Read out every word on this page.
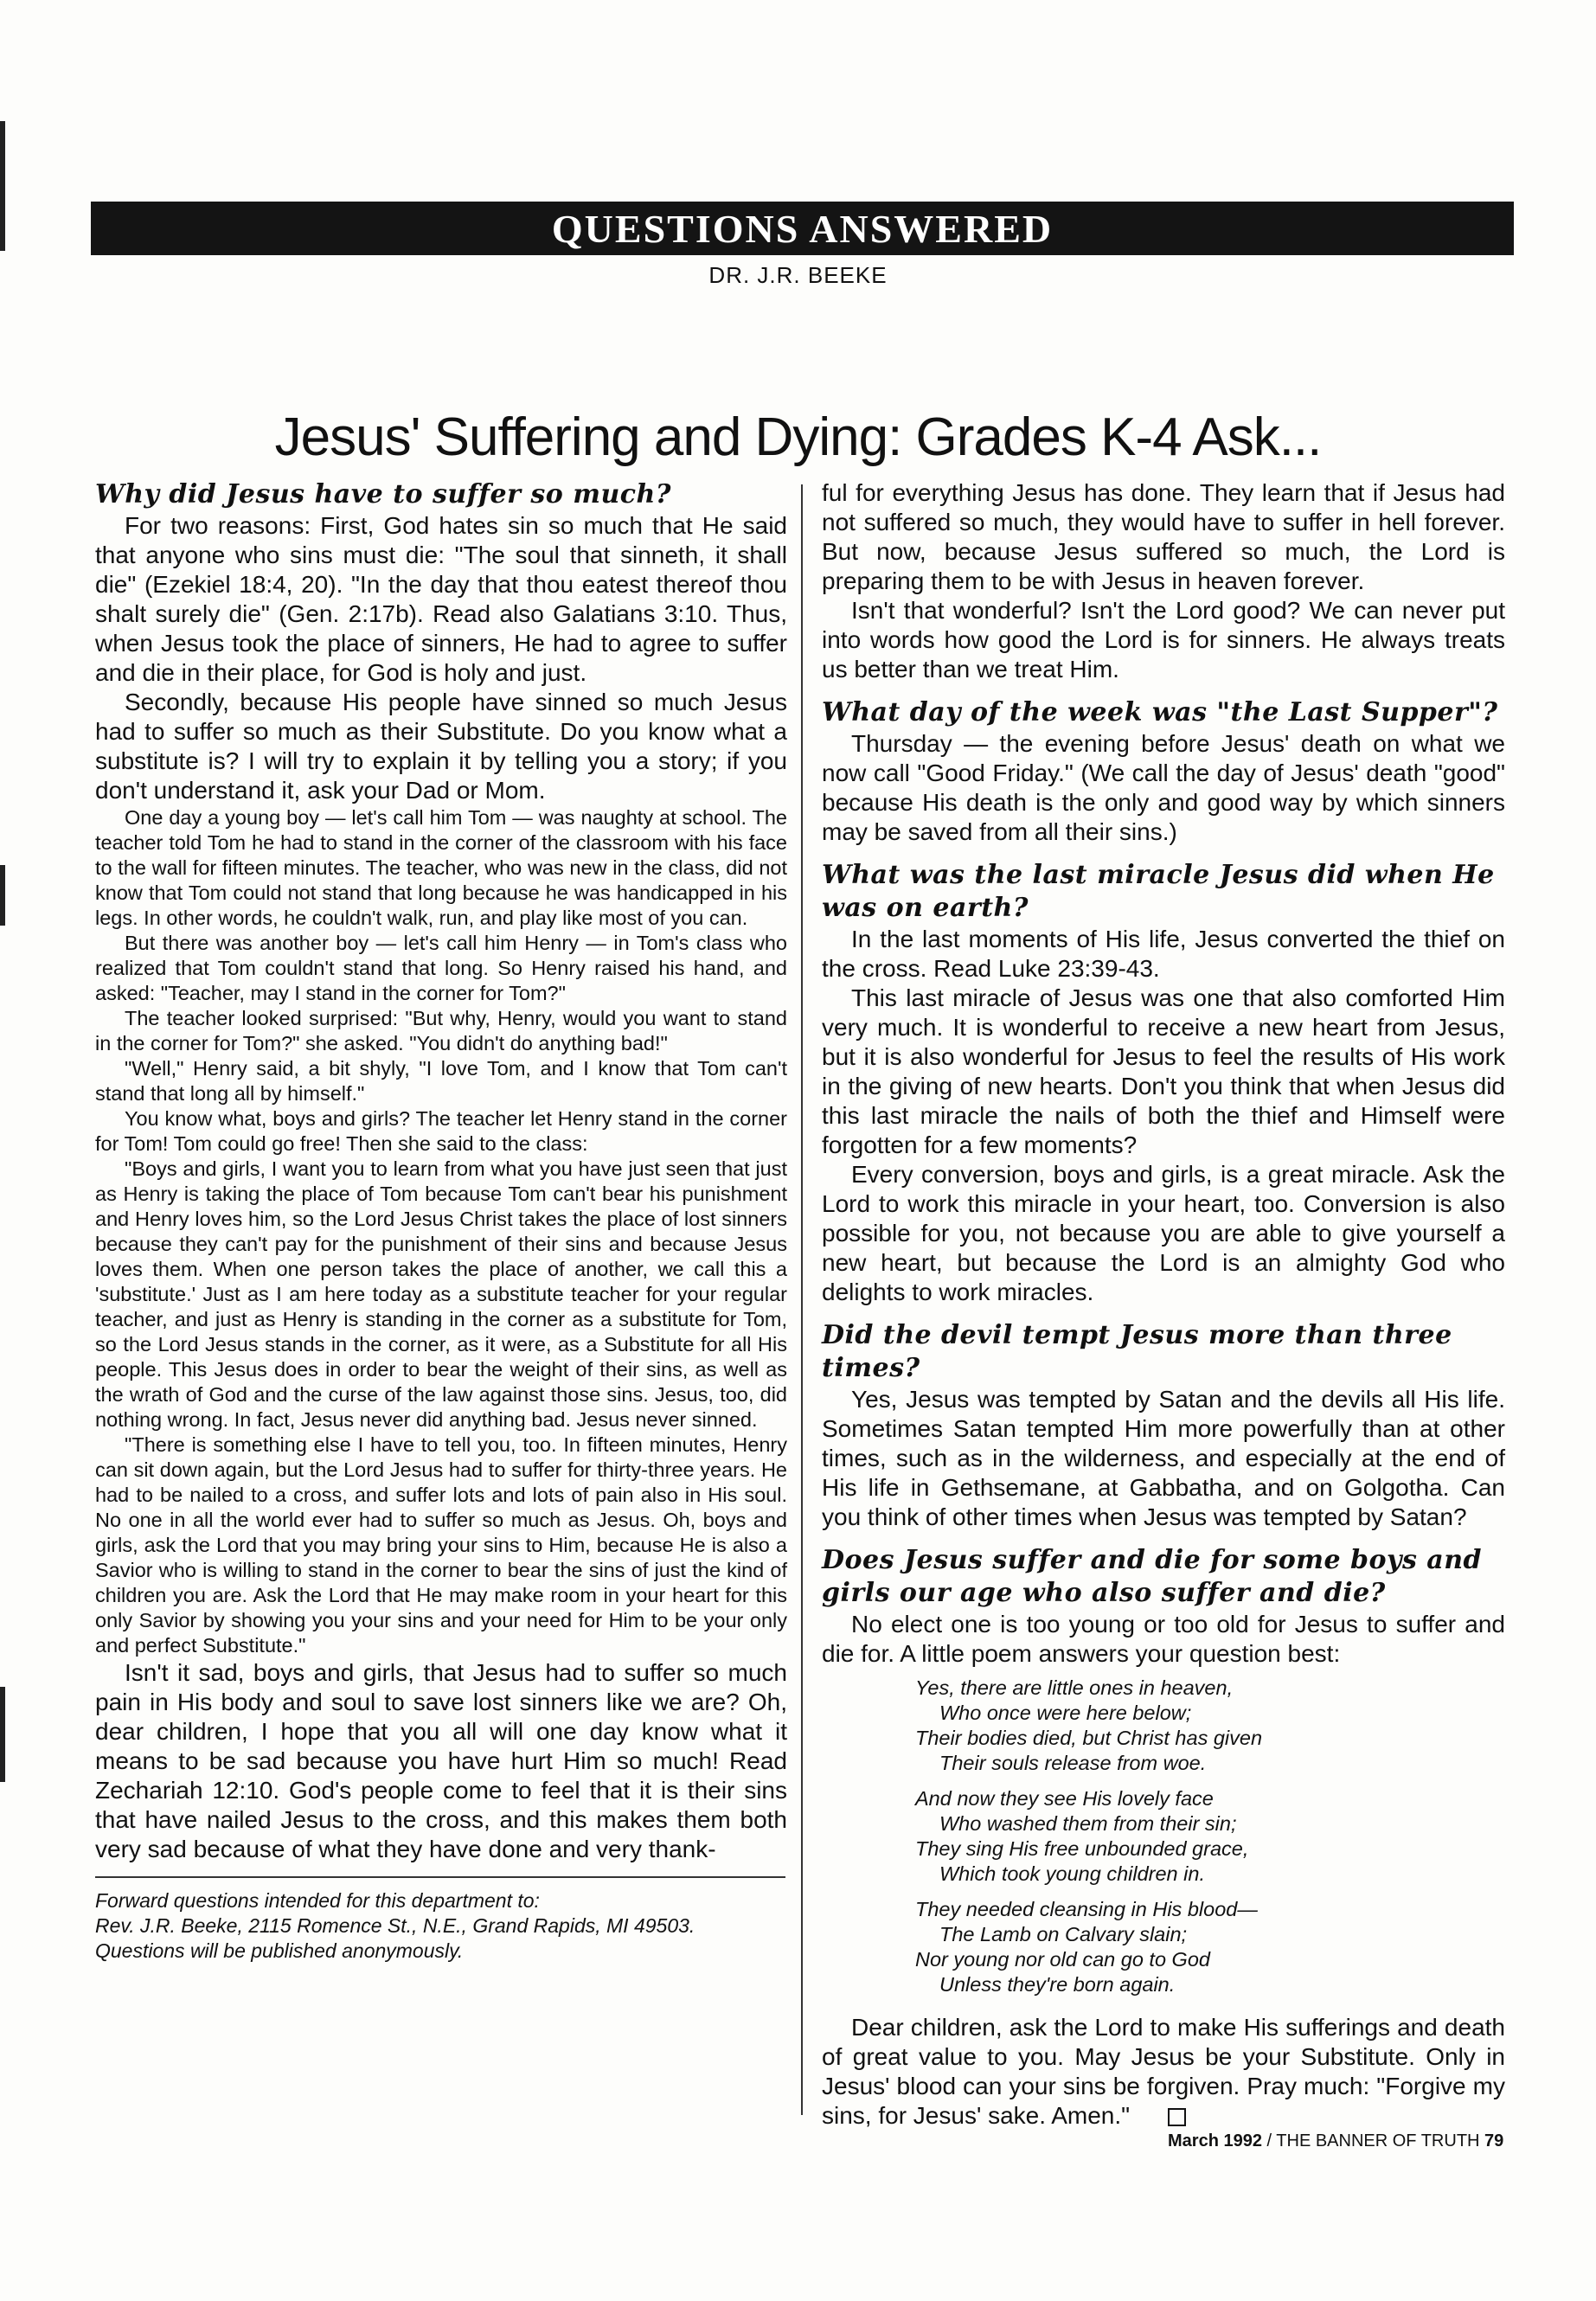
QUESTIONS ANSWERED
DR. J.R. BEEKE
Jesus' Suffering and Dying: Grades K-4 Ask...

Why did Jesus have to suffer so much?

For two reasons: First, God hates sin so much that He said that anyone who sins must die: "The soul that sinneth, it shall die" (Ezekiel 18:4, 20). "In the day that thou eatest thereof thou shalt surely die" (Gen. 2:17b). Read also Galatians 3:10. Thus, when Jesus took the place of sinners, He had to agree to suffer and die in their place, for God is holy and just.

Secondly, because His people have sinned so much Jesus had to suffer so much as their Substitute. Do you know what a substitute is? I will try to explain it by telling you a story; if you don't understand it, ask your Dad or Mom.

One day a young boy — let's call him Tom — was naughty at school. The teacher told Tom he had to stand in the corner of the classroom with his face to the wall for fifteen minutes. The teacher, who was new in the class, did not know that Tom could not stand that long because he was handicapped in his legs. In other words, he couldn't walk, run, and play like most of you can.

But there was another boy — let's call him Henry — in Tom's class who realized that Tom couldn't stand that long. So Henry raised his hand, and asked: "Teacher, may I stand in the corner for Tom?"

The teacher looked surprised: "But why, Henry, would you want to stand in the corner for Tom?" she asked. "You didn't do anything bad!"

"Well," Henry said, a bit shyly, "I love Tom, and I know that Tom can't stand that long all by himself."

You know what, boys and girls? The teacher let Henry stand in the corner for Tom! Tom could go free! Then she said to the class:

"Boys and girls, I want you to learn from what you have just seen that just as Henry is taking the place of Tom because Tom can't bear his punishment and Henry loves him, so the Lord Jesus Christ takes the place of lost sinners because they can't pay for the punishment of their sins and because Jesus loves them. When one person takes the place of another, we call this a 'substitute.' Just as I am here today as a substitute teacher for your regular teacher, and just as Henry is standing in the corner as a substitute for Tom, so the Lord Jesus stands in the corner, as it were, as a Substitute for all His people. This Jesus does in order to bear the weight of their sins, as well as the wrath of God and the curse of the law against those sins. Jesus, too, did nothing wrong. In fact, Jesus never did anything bad. Jesus never sinned.

"There is something else I have to tell you, too. In fifteen minutes, Henry can sit down again, but the Lord Jesus had to suffer for thirty-three years. He had to be nailed to a cross, and suffer lots and lots of pain also in His soul. No one in all the world ever had to suffer so much as Jesus. Oh, boys and girls, ask the Lord that you may bring your sins to Him, because He is also a Savior who is willing to stand in the corner to bear the sins of just the kind of children you are. Ask the Lord that He may make room in your heart for this only Savior by showing you your sins and your need for Him to be your only and perfect Substitute."

Isn't it sad, boys and girls, that Jesus had to suffer so much pain in His body and soul to save lost sinners like we are? Oh, dear children, I hope that you all will one day know what it means to be sad because you have hurt Him so much! Read Zechariah 12:10. God's people come to feel that it is their sins that have nailed Jesus to the cross, and this makes them both very sad because of what they have done and very thank-

Forward questions intended for this department to:

Rev. J.R. Beeke, 2115 Romence St., N.E., Grand Rapids, MI 49503.

Questions will be published anonymously.

ful for everything Jesus has done. They learn that if Jesus had not suffered so much, they would have to suffer in hell forever. But now, because Jesus suffered so much, the Lord is preparing them to be with Jesus in heaven forever.

Isn't that wonderful? Isn't the Lord good? We can never put into words how good the Lord is for sinners. He always treats us better than we treat Him.

What day of the week was "the Last Supper"?

Thursday — the evening before Jesus' death on what we now call "Good Friday." (We call the day of Jesus' death "good" because His death is the only and good way by which sinners may be saved from all their sins.)

What was the last miracle Jesus did when He was on earth?

In the last moments of His life, Jesus converted the thief on the cross. Read Luke 23:39-43.

This last miracle of Jesus was one that also comforted Him very much. It is wonderful to receive a new heart from Jesus, but it is also wonderful for Jesus to feel the results of His work in the giving of new hearts. Don't you think that when Jesus did this last miracle the nails of both the thief and Himself were forgotten for a few moments?

Every conversion, boys and girls, is a great miracle. Ask the Lord to work this miracle in your heart, too. Conversion is also possible for you, not because you are able to give yourself a new heart, but because the Lord is an almighty God who delights to work miracles.

Did the devil tempt Jesus more than three times?

Yes, Jesus was tempted by Satan and the devils all His life. Sometimes Satan tempted Him more powerfully than at other times, such as in the wilderness, and especially at the end of His life in Gethsemane, at Gabbatha, and on Golgotha. Can you think of other times when Jesus was tempted by Satan?

Does Jesus suffer and die for some boys and girls our age who also suffer and die?

No elect one is too young or too old for Jesus to suffer and die for. A little poem answers your question best:

Yes, there are little ones in heaven,

Who once were here below;

Their bodies died, but Christ has given

Their souls release from woe.

And now they see His lovely face

Who washed them from their sin;

They sing His free unbounded grace,

Which took young children in.

They needed cleansing in His blood—

The Lamb on Calvary slain;

Nor young nor old can go to God

Unless they're born again.

Dear children, ask the Lord to make His sufferings and death of great value to you. May Jesus be your Substitute. Only in Jesus' blood can your sins be forgiven. Pray much: "Forgive my sins, for Jesus' sake. Amen."

March 1992 / THE BANNER OF TRUTH 79
